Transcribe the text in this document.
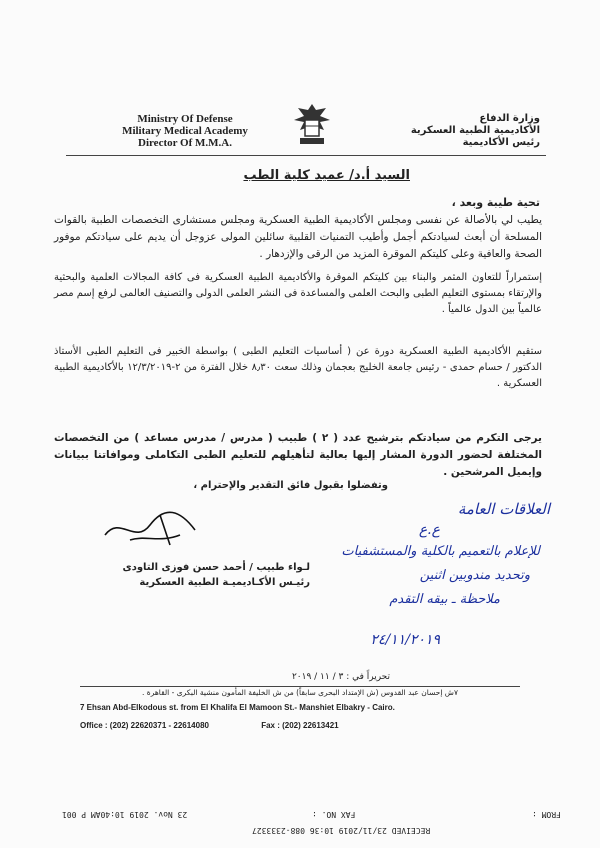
Ministry Of Defense
Military Medical Academy
Director Of M.M.A.
وزارة الدفاع
الأكاديمية الطبية العسكرية
رئيس الأكاديمية
السيد أ.د/ عميد كلية الطب
تحية طيبة وبعد ،
يطيب لي بالأصالة عن نفسى ومجلس الأكاديمية الطبية العسكرية ومجلس مستشارى التخصصات الطبية بالقوات المسلحة أن أبعث لسيادتكم أجمل وأطيب التمنيات القلبية سائلين المولى عزوجل أن يديم على سيادتكم موفور الصحة والعافية وعلى كليتكم الموقرة المزيد من الرقى والإزدهار .
إستمراراً للتعاون المثمر والبناء بين كليتكم الموقرة والأكاديمية الطبية العسكرية فى كافة المجالات العلمية والبحثية والإرتقاء بمستوى التعليم الطبى والبحث العلمى والمساعدة فى النشر العلمى الدولى والتصنيف العالمى لرفع إسم مصر عالمياً بين الدول عالمياً .
ستقيم الأكاديمية الطبية العسكرية دورة عن ( أساسيات التعليم الطبى ) بواسطة الخبير فى التعليم الطبى الأستاذ الدكتور / حسام حمدى - رئيس جامعة الخليج بعجمان وذلك سعت ٨٫٣٠ خلال الفترة من ٢-١٢/٣/٢٠١٩ بالأكاديمية الطبية العسكرية .
يرجى التكرم من سيادتكم بترشيح عدد ( ٢ ) طبيب ( مدرس / مدرس مساعد ) من التخصصات المختلفة لحضور الدورة المشار إليها بعالية لتأهيلهم للتعليم الطبى التكاملى وموافاتنا ببيانات وإيميل المرشحين .
وتفضلوا بقبول فائق التقدير والإحترام ،
لـواء طبيب / أحمد حسن فوزى التاودى
رئيـس الأكـاديميـة الطبية العسكرية
العلاقات العامة
ع.ع
للإعلام بالتعميم بالكلية والمستشفيات
وتحديد مندوبين اثنين
ملاحظة ـ بيقه التقدم
٢٤/١١/٢٠١٩
تحريراً في : ٣ / ١١ / ٢٠١٩
٧ش إحسان عبد القدوس (ش الإمتداد البحرى سابقاً) من ش الخليفة المأمون منشية البكرى - القاهرة .
7 Ehsan Abd-Elkodous st. from El Khalifa El Mamoon St.- Manshiet Elbakry - Cairo.
Office : (202) 22620371 - 22614080	Fax : (202) 22613421
23 Nov. 2019 10:40AM P 001	FAX NO. :	FROM :
RECEIVED 23/11/2019 10:36 088-2333327
